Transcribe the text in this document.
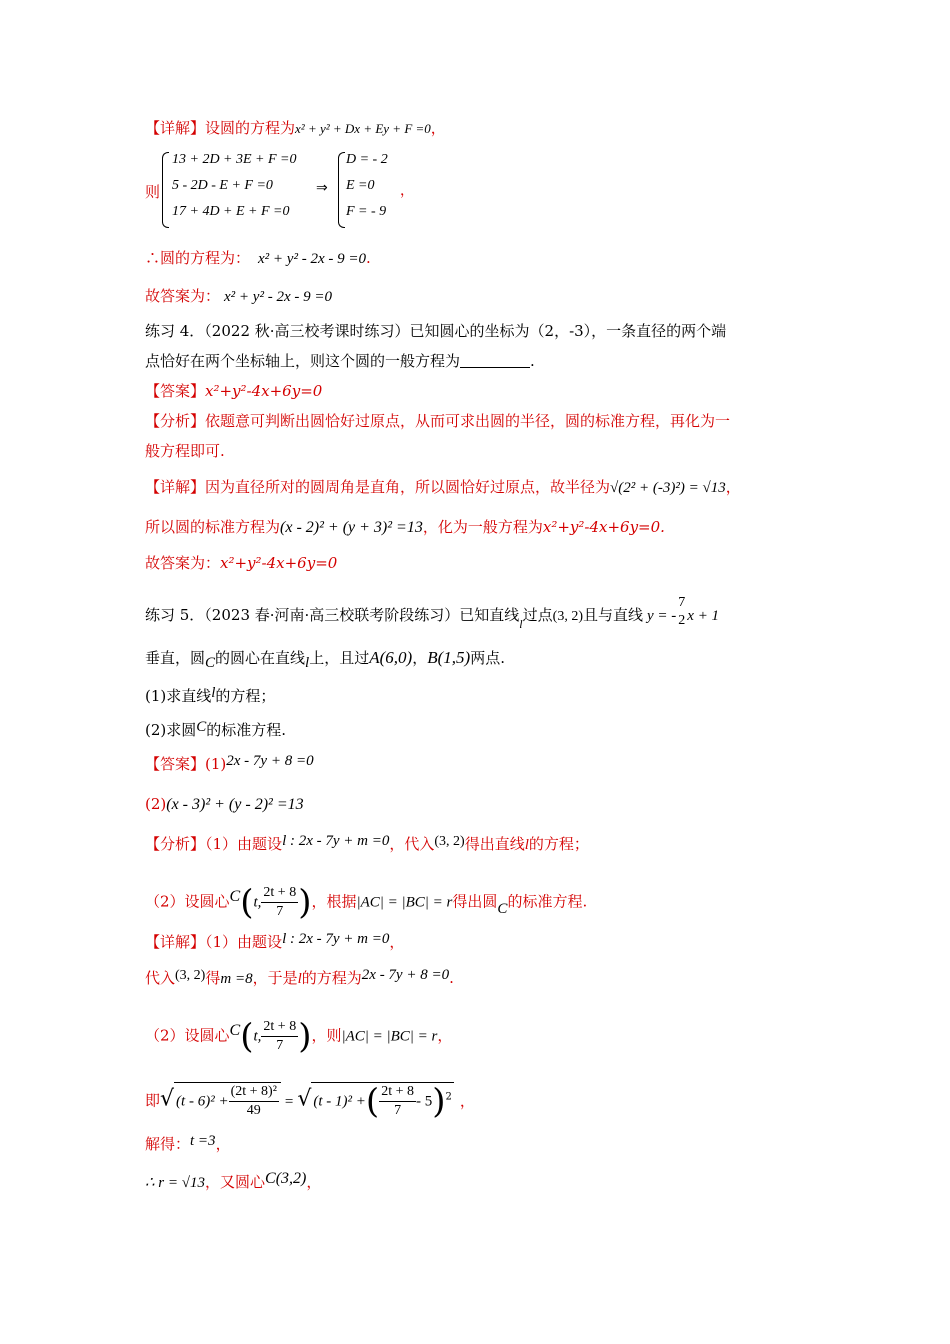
【详解】设圆的方程为x² + y² + Dx + Ey + F =0，
则
13 + 2D + 3E + F =0
5 - 2D - E + F =0
17 + 4D + E + F =0
⇒
D = - 2
E =0
F = - 9
，
∴圆的方程为： x² + y² - 2x - 9 =0.
故答案为： x² + y² - 2x - 9 =0
练习 4．（2022 秋·高三校考课时练习）已知圆心的坐标为（2，-3），一条直径的两个端
点恰好在两个坐标轴上，则这个圆的一般方程为	.
【答案】x²+y²-4x+6y=0
【分析】依题意可判断出圆恰好过原点，从而可求出圆的半径，圆的标准方程，再化为一
般方程即可.
【详解】因为直径所对的圆周角是直角，所以圆恰好过原点，故半径为√(2² + (-3)²) = √13，
所以圆的标准方程为(x - 2)² + (y + 3)² =13，化为一般方程为x²+y²-4x+6y=0.
故答案为：x²+y²-4x+6y=0
练习 5．（2023 春·河南·高三校联考阶段练习）已知直线$_l$过点(3, 2)且与直线 y = -
7
2 x + 1
垂直，圆C的圆心在直线l上，且过A(6,0)，B(1,5)两点.
(1)求直线l的方程；
(2)求圆C的标准方程.
【答案】(1)2x - 7y + 8 =0
(2)(x - 3)² + (y - 2)² =13
【分析】（1）由题设l : 2x - 7y + m =0，代入(3, 2)得出直线l的方程；
（2）设圆心C(t, $\frac{2t + 8}{7}$ )，根据|AC| = |BC| = r得出圆C的标准方程.
【详解】（1）由题设l : 2x - 7y + m =0，
代入(3, 2)得m =8，于是l的方程为2x - 7y + 8 =0.
（2）设圆心C(t, $\frac{2t + 8}{7}$ )，则|AC| = |BC| = r，
即√ $(t - 6)^2 + \frac{\text{(2t + 8)²}}{49}$ = √ (t - 1)² +( $\frac{2t + 8}{7} - 5)^2$ ，
解得：t =3，
∴ r = √13，又圆心C(3,2)，
